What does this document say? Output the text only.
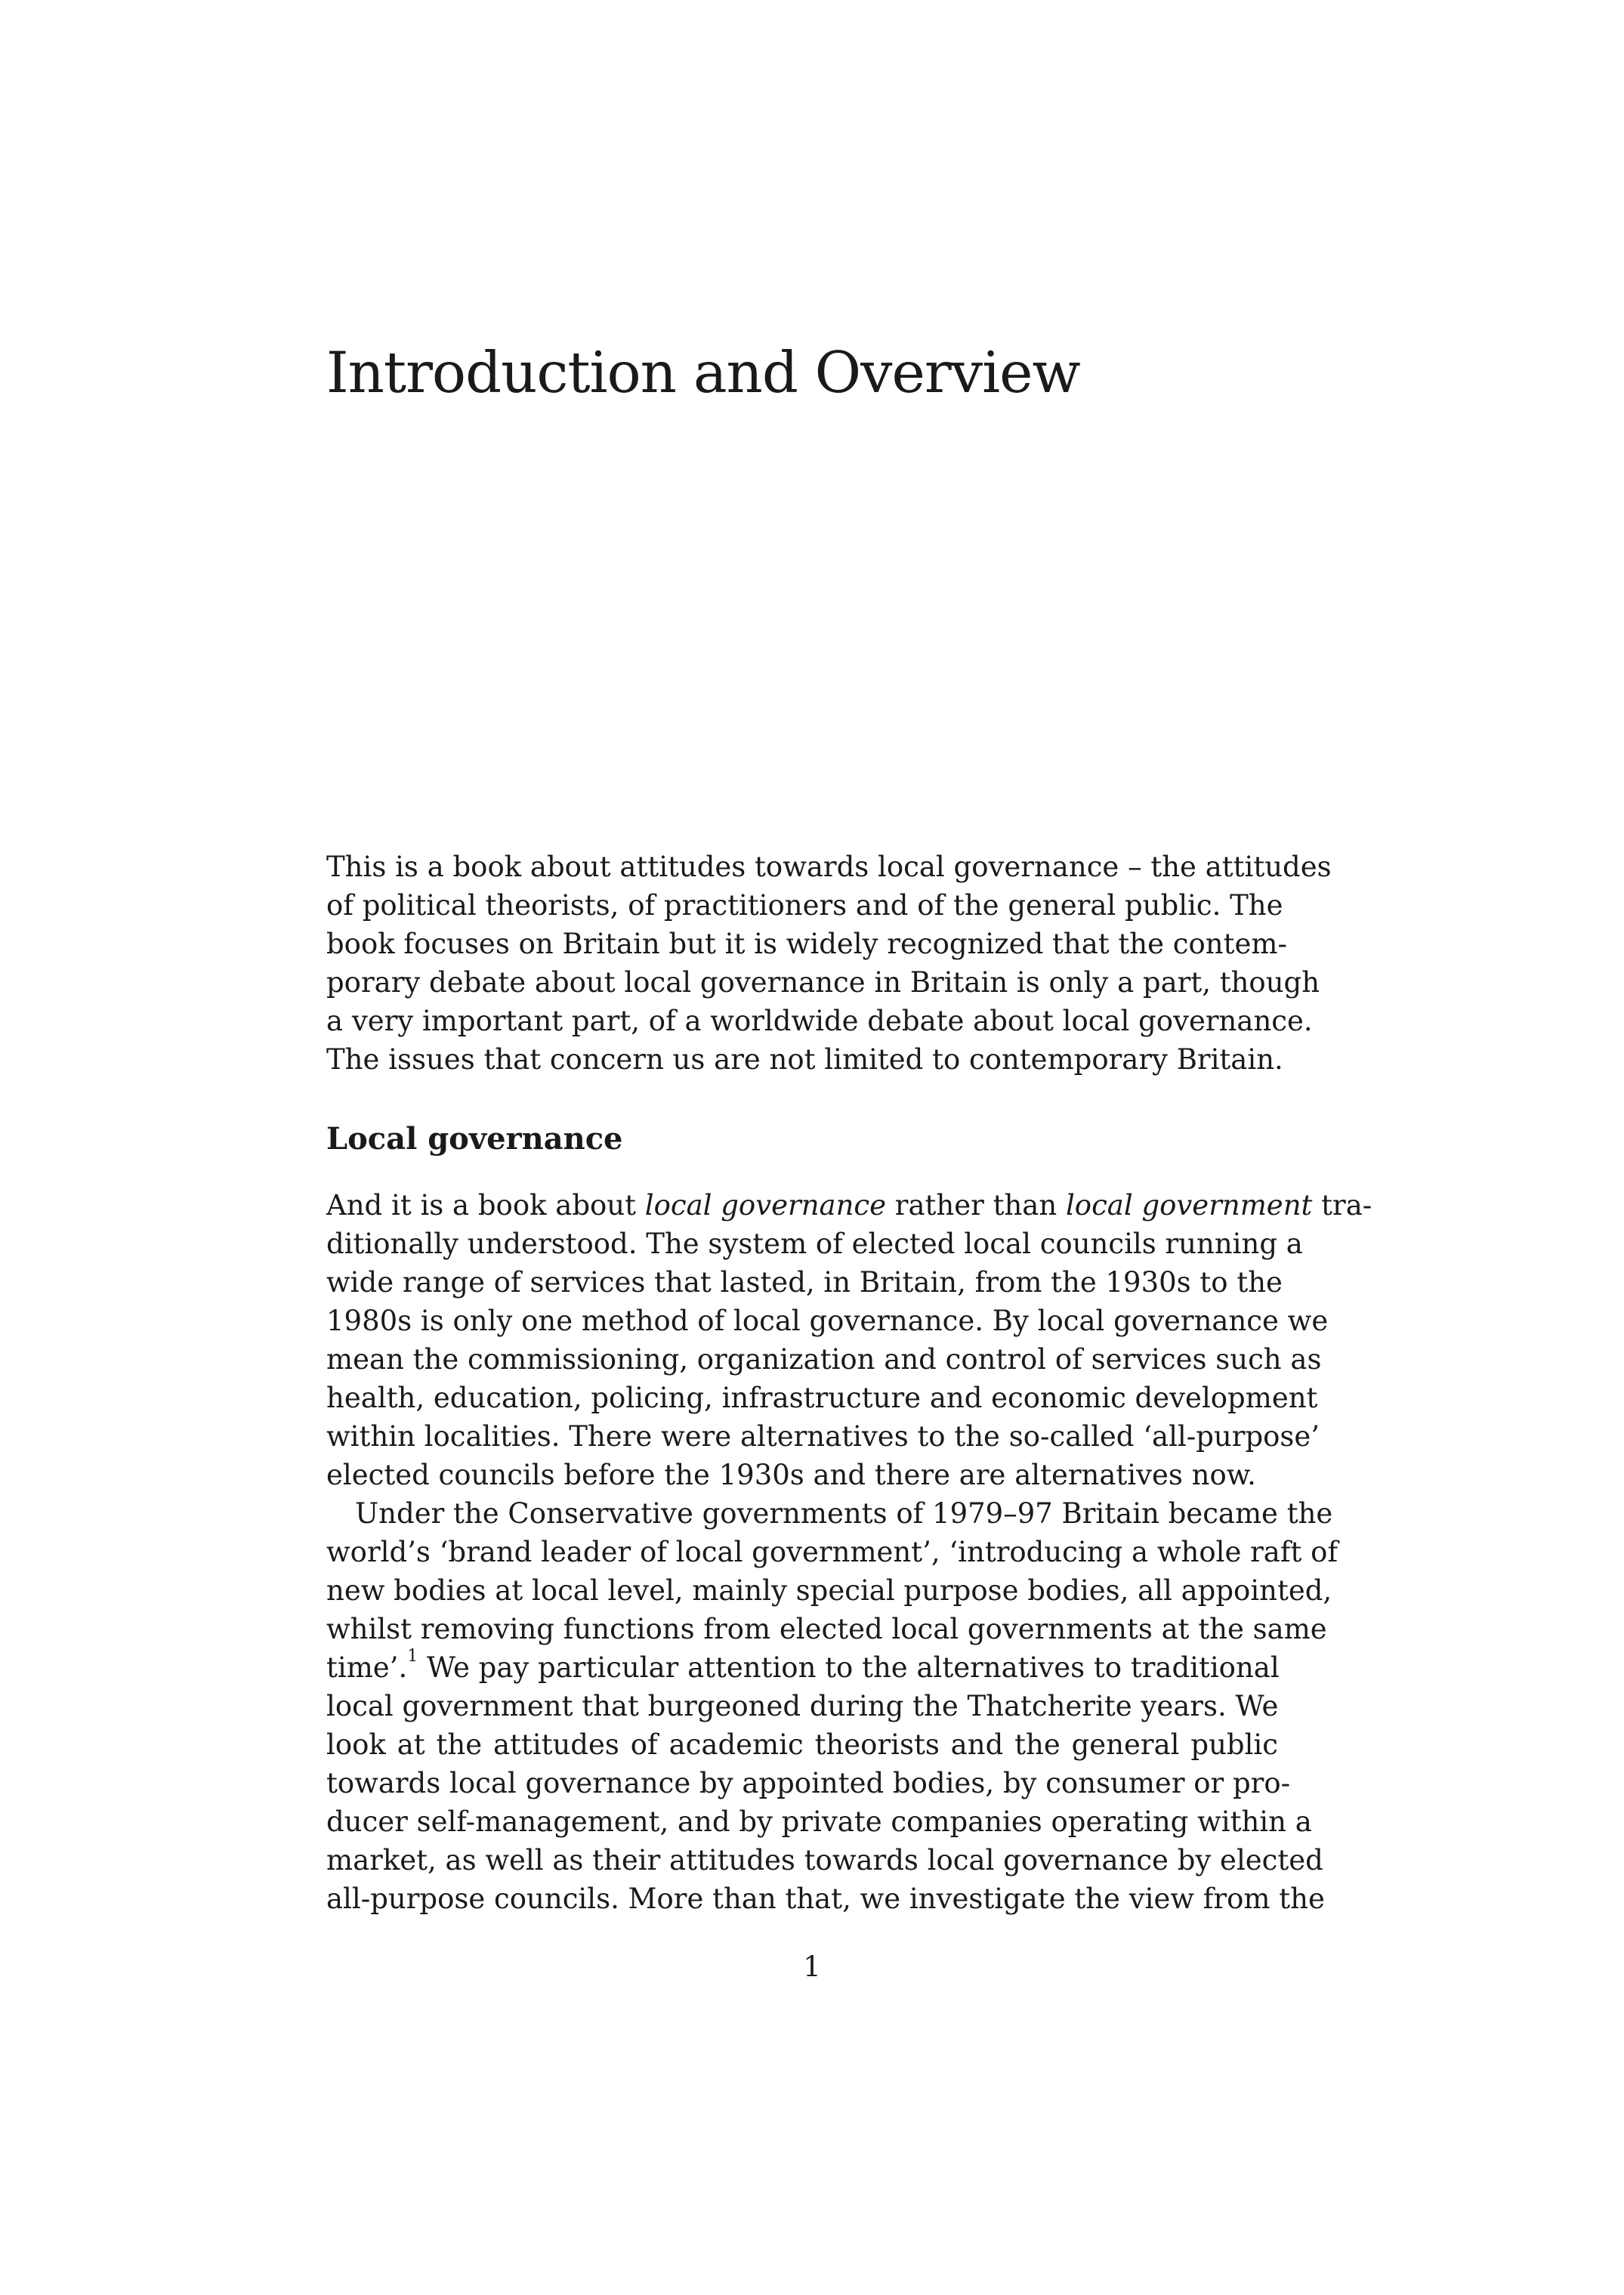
Introduction and Overview
This is a book about attitudes towards local governance – the attitudes
of political theorists, of practitioners and of the general public. The
book focuses on Britain but it is widely recognized that the contem-
porary debate about local governance in Britain is only a part, though
a very important part, of a worldwide debate about local governance.
The issues that concern us are not limited to contemporary Britain.
Local governance
And it is a book about local governance rather than local government tra-
ditionally understood. The system of elected local councils running a
wide range of services that lasted, in Britain, from the 1930s to the
1980s is only one method of local governance. By local governance we
mean the commissioning, organization and control of services such as
health, education, policing, infrastructure and economic development
within localities. There were alternatives to the so-called ‘all-purpose’
elected councils before the 1930s and there are alternatives now.
Under the Conservative governments of 1979–97 Britain became the
world’s ‘brand leader of local government’, ‘introducing a whole raft of
new bodies at local level, mainly special purpose bodies, all appointed,
whilst removing functions from elected local governments at the same
time’.$^1$ We pay particular attention to the alternatives to traditional
local government that burgeoned during the Thatcherite years. We
look at the attitudes of academic theorists and the general public
towards local governance by appointed bodies, by consumer or pro-
ducer self-management, and by private companies operating within a
market, as well as their attitudes towards local governance by elected
all-purpose councils. More than that, we investigate the view from the
1
